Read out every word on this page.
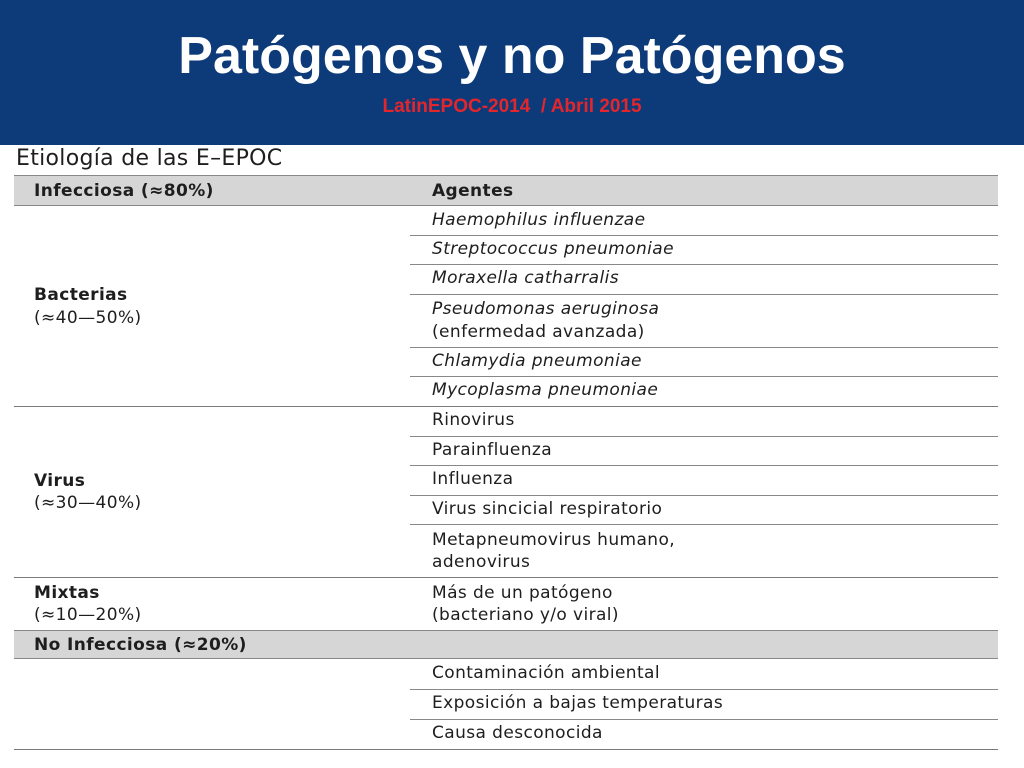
Patógenos y no Patógenos
LatinEPOC-2014  / Abril 2015
Etiología de las E–EPOC
Infecciosa (≈80%)	Agentes
Bacterias
(≈40—50%)
Haemophilus influenzae
Streptococcus pneumoniae
Moraxella catharralis
Pseudomonas aeruginosa
(enfermedad avanzada)
Chlamydia pneumoniae
Mycoplasma pneumoniae
Virus
(≈30—40%)
Rinovirus
Parainfluenza
Influenza
Virus sincicial respiratorio
Metapneumovirus humano,
adenovirus
Mixtas
(≈10—20%)
Más de un patógeno
(bacteriano y/o viral)
No Infecciosa (≈20%)
Contaminación ambiental
Exposición a bajas temperaturas
Causa desconocida
